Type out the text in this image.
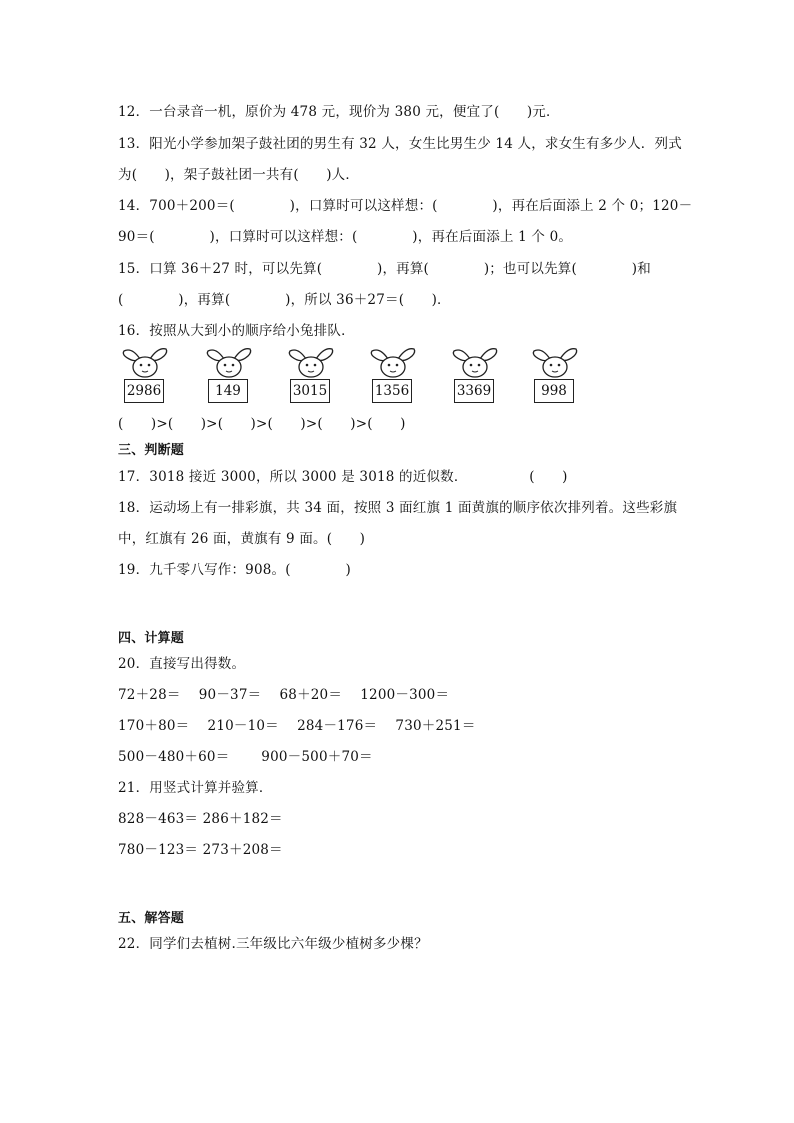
12．一台录音一机，原价为 478 元，现价为 380 元，便宜了(　　)元．
13．阳光小学参加架子鼓社团的男生有 32 人，女生比男生少 14 人，求女生有多少人．列式
为(　　)，架子鼓社团一共有(　　)人．
14．700＋200＝(　　　　)，口算时可以这样想：(　　　　)，再在后面添上 2 个 0；120－
90＝(　　　　)，口算时可以这样想：(　　　　)，再在后面添上 1 个 0。
15．口算 36＋27 时，可以先算(　　　　)，再算(　　　　)；也可以先算(　　　　)和
(　　　　)，再算(　　　　)，所以 36＋27＝(　　)．
16．按照从大到小的顺序给小兔排队．
2986	149	3015	1356	3369	998
(　　)>(　　)>(　　)>(　　)>(　　)>(　　)
三、判断题
17．3018 接近 3000，所以 3000 是 3018 的近似数．　　　　　(　　)
18．运动场上有一排彩旗，共 34 面，按照 3 面红旗 1 面黄旗的顺序依次排列着。这些彩旗
中，红旗有 26 面，黄旗有 9 面。(　　)
19．九千零八写作：908。(　　　　)
四、计算题
20．直接写出得数。
72＋28＝　 90－37＝　 68＋20＝　 1200－300＝
170＋80＝　 210－10＝　 284－176＝　 730＋251＝
500－480＋60＝　　 900－500＋70＝
21．用竖式计算并验算．
828－463＝ 286＋182＝
780－123＝ 273＋208＝
五、解答题
22．同学们去植树.三年级比六年级少植树多少棵？
